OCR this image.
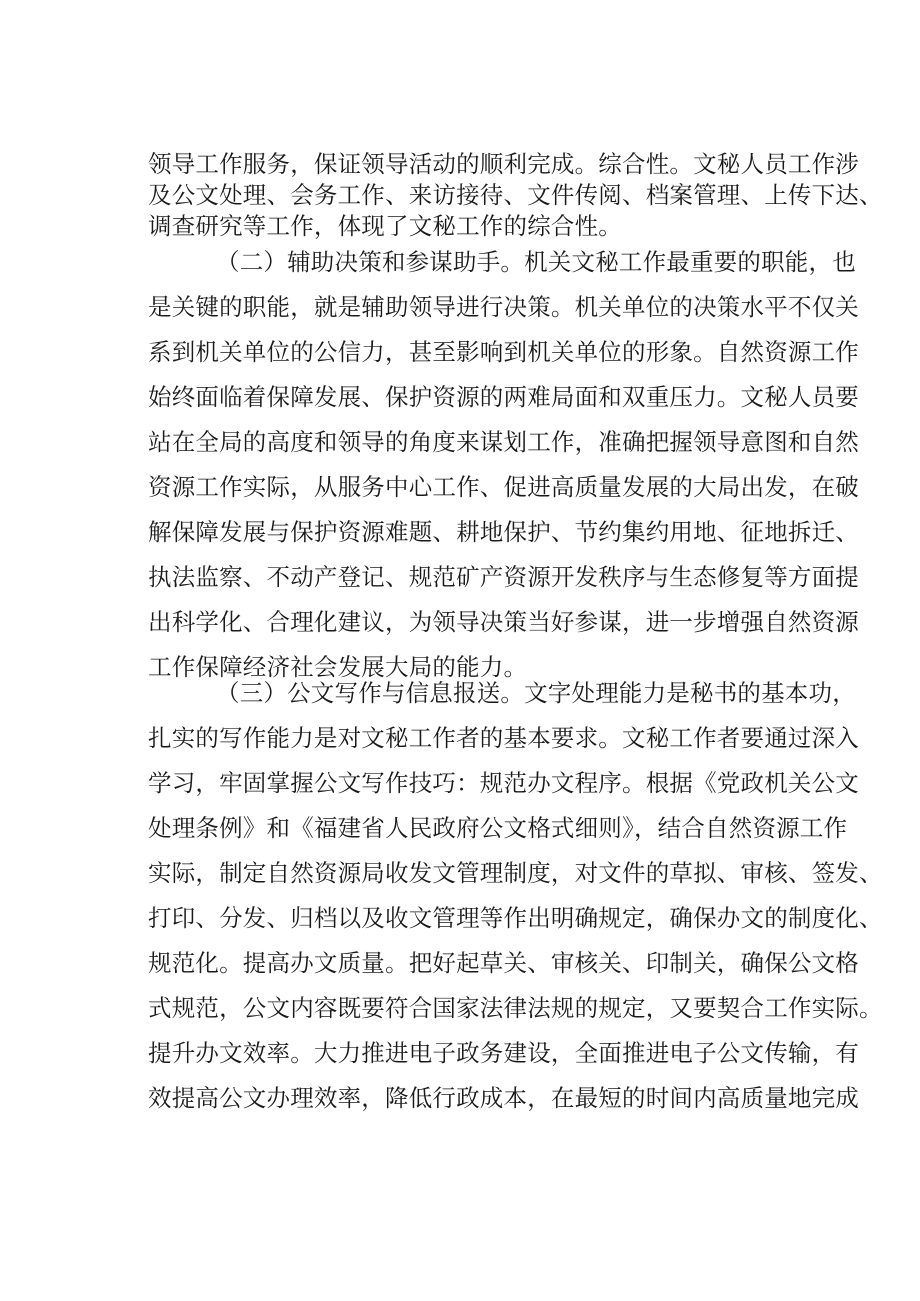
领导工作服务，保证领导活动的顺利完成。综合性。文秘人员工作涉

及公文处理、会务工作、来访接待、文件传阅、档案管理、上传下达、

调查研究等工作，体现了文秘工作的综合性。

（二）辅助决策和参谋助手。机关文秘工作最重要的职能，也

是关键的职能，就是辅助领导进行决策。机关单位的决策水平不仅关

系到机关单位的公信力，甚至影响到机关单位的形象。自然资源工作

始终面临着保障发展、保护资源的两难局面和双重压力。文秘人员要

站在全局的高度和领导的角度来谋划工作，准确把握领导意图和自然

资源工作实际，从服务中心工作、促进高质量发展的大局出发，在破

解保障发展与保护资源难题、耕地保护、节约集约用地、征地拆迁、

执法监察、不动产登记、规范矿产资源开发秩序与生态修复等方面提

出科学化、合理化建议，为领导决策当好参谋，进一步增强自然资源

工作保障经济社会发展大局的能力。

（三）公文写作与信息报送。文字处理能力是秘书的基本功，

扎实的写作能力是对文秘工作者的基本要求。文秘工作者要通过深入

学习，牢固掌握公文写作技巧：规范办文程序。根据《党政机关公文

处理条例》和《福建省人民政府公文格式细则》，结合自然资源工作

实际，制定自然资源局收发文管理制度，对文件的草拟、审核、签发、

打印、分发、归档以及收文管理等作出明确规定，确保办文的制度化、

规范化。提高办文质量。把好起草关、审核关、印制关，确保公文格

式规范，公文内容既要符合国家法律法规的规定，又要契合工作实际。

提升办文效率。大力推进电子政务建设，全面推进电子公文传输，有

效提高公文办理效率，降低行政成本，在最短的时间内高质量地完成
